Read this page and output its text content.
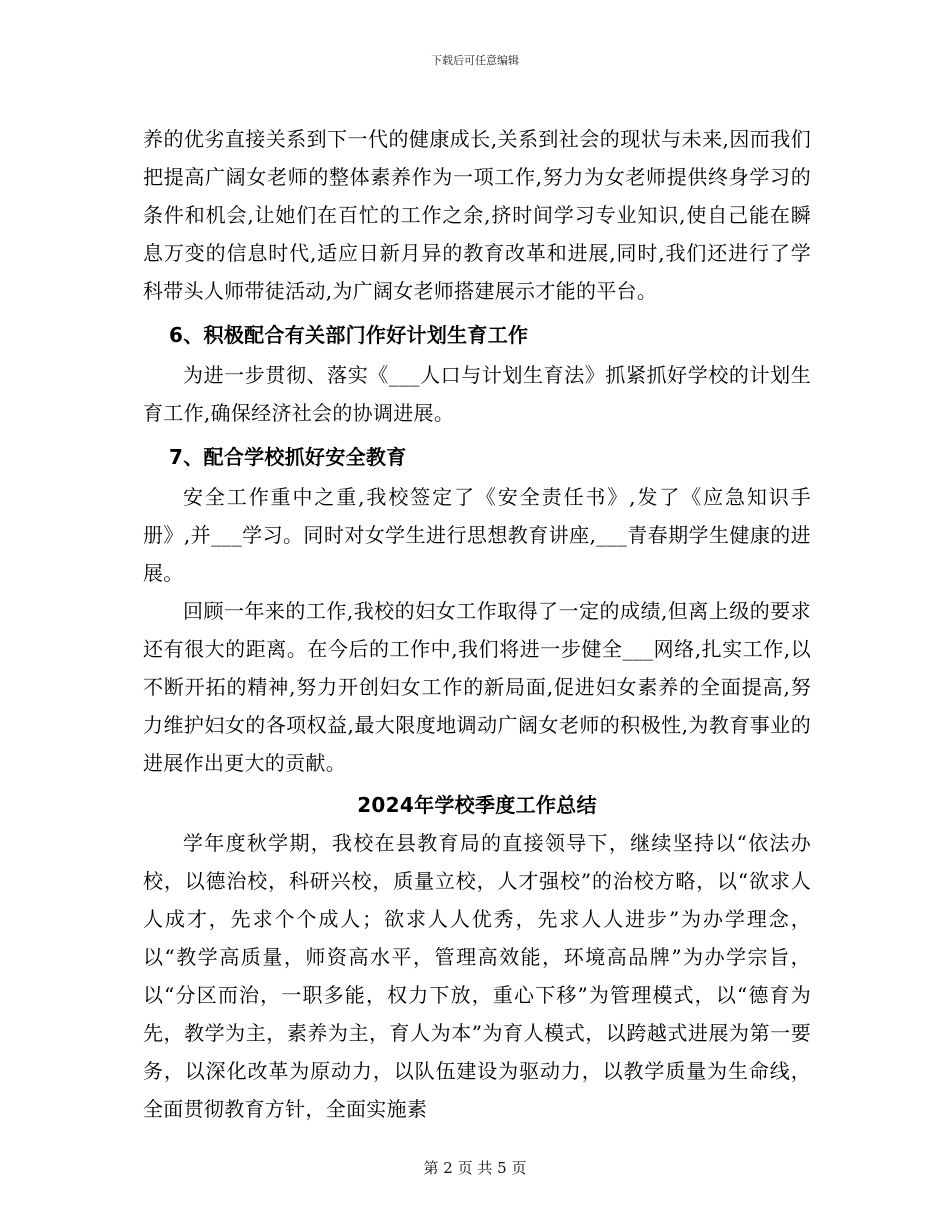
下载后可任意编辑

养的优劣直接关系到下一代的健康成长,关系到社会的现状与未来,因而我们把提高广阔女老师的整体素养作为一项工作,努力为女老师提供终身学习的条件和机会,让她们在百忙的工作之余,挤时间学习专业知识,使自己能在瞬息万变的信息时代,适应日新月异的教育改革和进展,同时,我们还进行了学科带头人师带徒活动,为广阔女老师搭建展示才能的平台。

6、积极配合有关部门作好计划生育工作

为进一步贯彻、落实《___人口与计划生育法》抓紧抓好学校的计划生育工作,确保经济社会的协调进展。

7、配合学校抓好安全教育

安全工作重中之重,我校签定了《安全责任书》,发了《应急知识手册》,并___学习。同时对女学生进行思想教育讲座,___青春期学生健康的进展。

回顾一年来的工作,我校的妇女工作取得了一定的成绩,但离上级的要求还有很大的距离。在今后的工作中,我们将进一步健全___网络,扎实工作,以不断开拓的精神,努力开创妇女工作的新局面,促进妇女素养的全面提高,努力维护妇女的各项权益,最大限度地调动广阔女老师的积极性,为教育事业的进展作出更大的贡献。

2024年学校季度工作总结

学年度秋学期，我校在县教育局的直接领导下，继续坚持以“依法办校，以德治校，科研兴校，质量立校，人才强校”的治校方略，以“欲求人人成才，先求个个成人；欲求人人优秀，先求人人进步”为办学理念，以“教学高质量，师资高水平，管理高效能，环境高品牌”为办学宗旨，以“分区而治，一职多能，权力下放，重心下移”为管理模式，以“德育为先，教学为主，素养为主，育人为本”为育人模式，以跨越式进展为第一要务，以深化改革为原动力，以队伍建设为驱动力，以教学质量为生命线，全面贯彻教育方针，全面实施素

第 2 页 共 5 页
